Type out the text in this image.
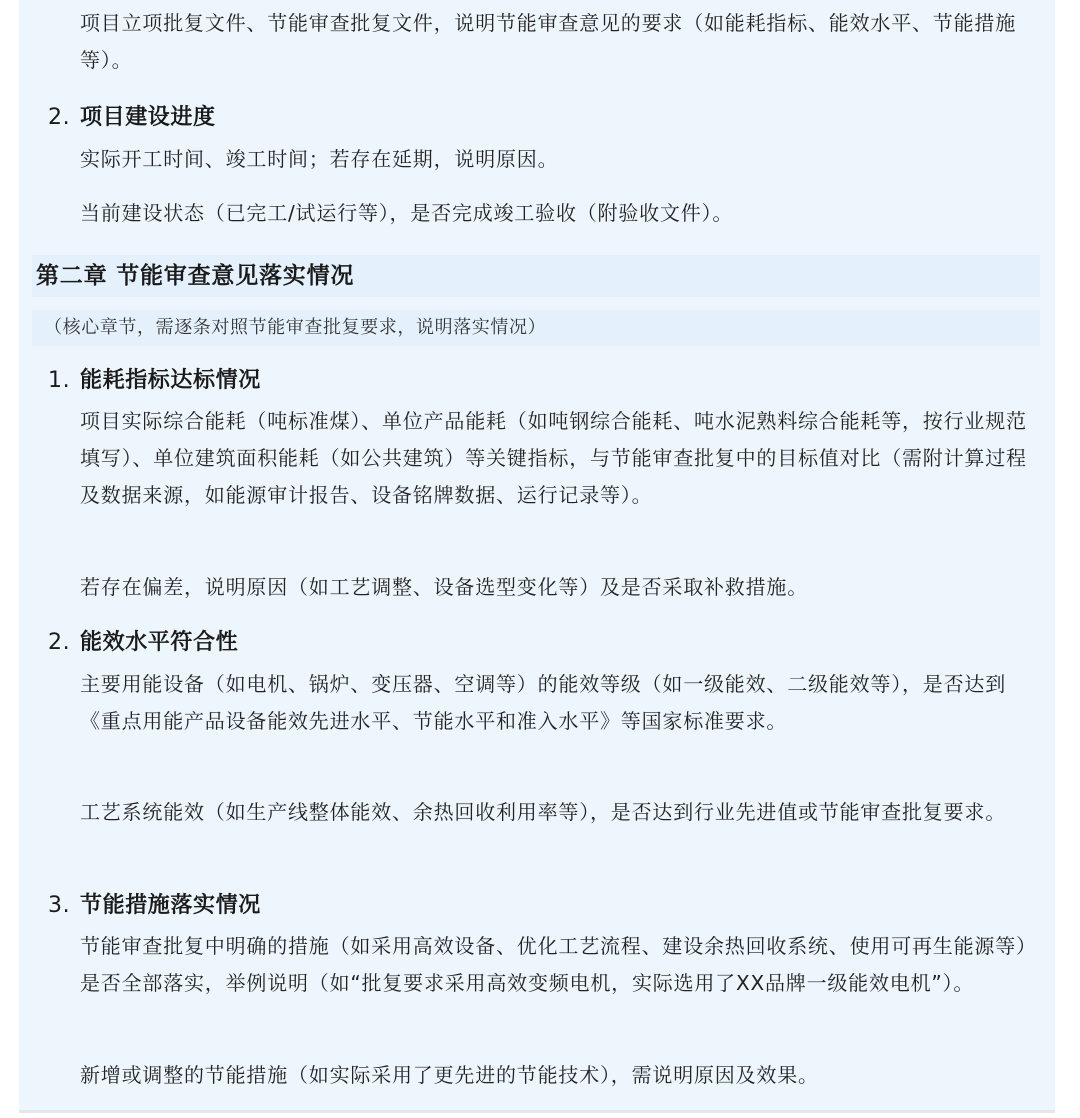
项目立项批复文件、节能审查批复文件，说明节能审查意见的要求（如能耗指标、能效水平、节能措施等）。

2. 项目建设进度

实际开工时间、竣工时间；若存在延期，说明原因。

当前建设状态（已完工/试运行等），是否完成竣工验收（附验收文件）。

第二章 节能审查意见落实情况

（核心章节，需逐条对照节能审查批复要求，说明落实情况）

1. 能耗指标达标情况

项目实际综合能耗（吨标准煤）、单位产品能耗（如吨钢综合能耗、吨水泥熟料综合能耗等，按行业规范填写）、单位建筑面积能耗（如公共建筑）等关键指标，与节能审查批复中的目标值对比（需附计算过程及数据来源，如能源审计报告、设备铭牌数据、运行记录等）。

若存在偏差，说明原因（如工艺调整、设备选型变化等）及是否采取补救措施。

2. 能效水平符合性

主要用能设备（如电机、锅炉、变压器、空调等）的能效等级（如一级能效、二级能效等），是否达到《重点用能产品设备能效先进水平、节能水平和准入水平》等国家标准要求。

工艺系统能效（如生产线整体能效、余热回收利用率等），是否达到行业先进值或节能审查批复要求。

3. 节能措施落实情况

节能审查批复中明确的措施（如采用高效设备、优化工艺流程、建设余热回收系统、使用可再生能源等）是否全部落实，举例说明（如“批复要求采用高效变频电机，实际选用了XX品牌一级能效电机”）。

新增或调整的节能措施（如实际采用了更先进的节能技术），需说明原因及效果。
